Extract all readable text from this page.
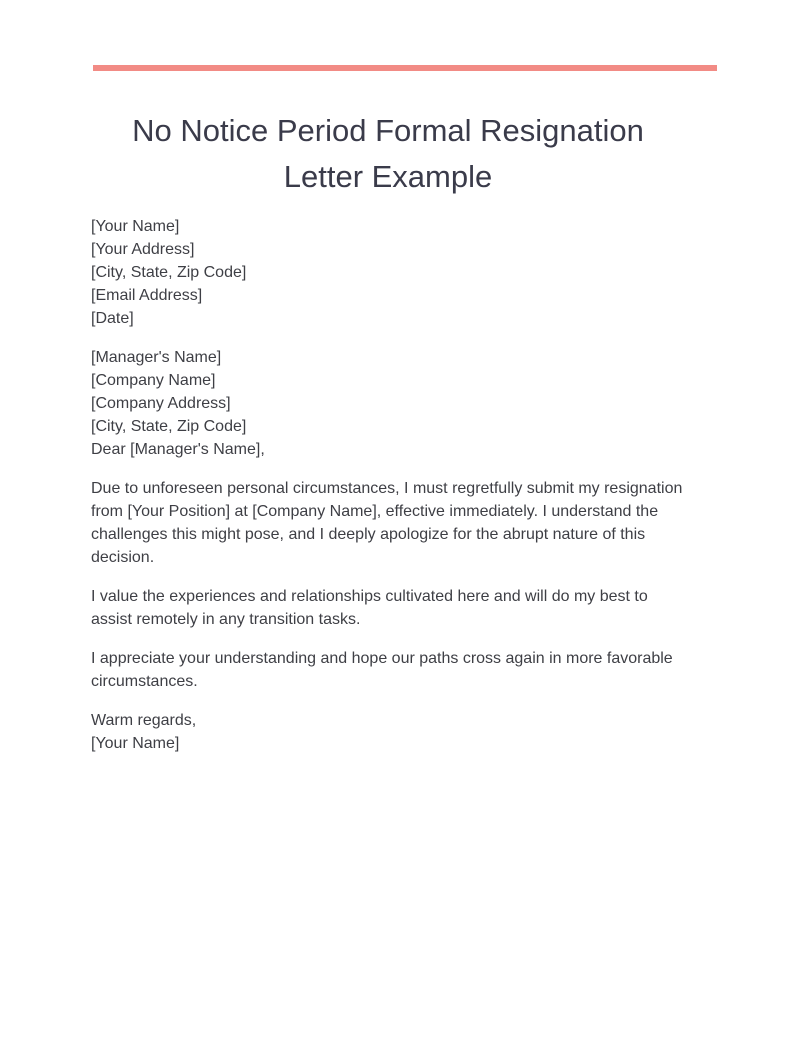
No Notice Period Formal Resignation
Letter Example
[Your Name]
[Your Address]
[City, State, Zip Code]
[Email Address]
[Date]
[Manager's Name]
[Company Name]
[Company Address]
[City, State, Zip Code]
Dear [Manager's Name],

Due to unforeseen personal circumstances, I must regretfully submit my resignation
from [Your Position] at [Company Name], effective immediately. I understand the
challenges this might pose, and I deeply apologize for the abrupt nature of this
decision.

I value the experiences and relationships cultivated here and will do my best to
assist remotely in any transition tasks.

I appreciate your understanding and hope our paths cross again in more favorable
circumstances.

Warm regards,
[Your Name]
